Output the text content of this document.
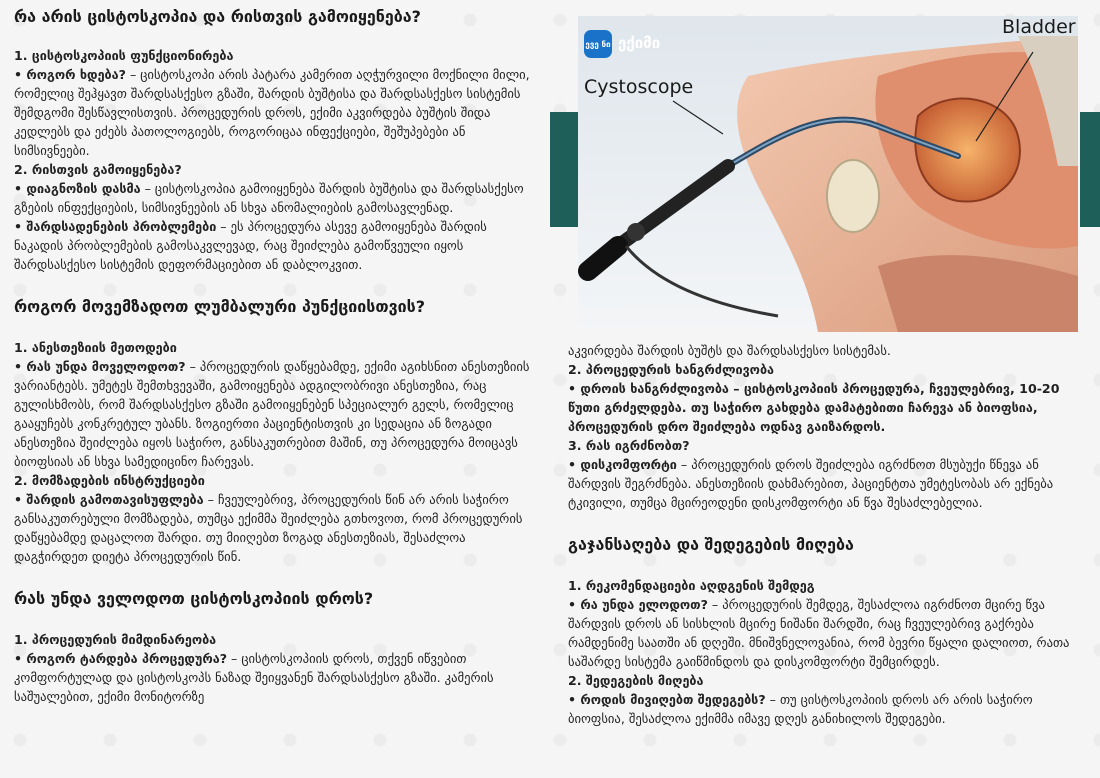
რა არის ცისტოსკოპია და რისთვის გამოიყენება?
1. ცისტოსკოპიის ფუნქციონირება
• როგორ ხდება? – ცისტოსკოპი არის პატარა კამერით აღჭურვილი მოქნილი მილი, რომელიც შეჰყავთ შარდსასქესო გზაში, შარდის ბუშტისა და შარდსასქესო სისტემის შემდგომი შესწავლისთვის. პროცედურის დროს, ექიმი აკვირდება ბუშტის შიდა კედლებს და ეძებს პათოლოგიებს, როგორიცაა ინფექციები, შეშუპებები ან სიმსივნეები.
2. რისთვის გამოიყენება?
• დიაგნოზის დასმა – ცისტოსკოპია გამოიყენება შარდის ბუშტისა და შარდსასქესო გზების ინფექციების, სიმსივნეების ან სხვა ანომალიების გამოსავლენად.
• შარდსადენების პრობლემები – ეს პროცედურა ასევე გამოიყენება შარდის ნაკადის პრობლემების გამოსაკვლევად, რაც შეიძლება გამოწვეული იყოს შარდსასქესო სისტემის დეფორმაციებით ან დაბლოკვით.
როგორ მოვემზადოთ ლუმბალური პუნქციისთვის?
1. ანესთეზიის მეთოდები
• რას უნდა მოველოდოთ? – პროცედურის დაწყებამდე, ექიმი აგიხსნით ანესთეზიის ვარიანტებს. უმეტეს შემთხვევაში, გამოიყენება ადგილობრივი ანესთეზია, რაც გულისხმობს, რომ შარდსასქესო გზაში გამოიყენებენ სპეციალურ გელს, რომელიც გააყუჩებს კონკრეტულ უბანს. ზოგიერთი პაციენტისთვის კი სედაცია ან ზოგადი ანესთეზია შეიძლება იყოს საჭირო, განსაკუთრებით მაშინ, თუ პროცედურა მოიცავს ბიოფსიას ან სხვა სამედიცინო ჩარევას.
2. მომზადების ინსტრუქციები
• შარდის გამოთავისუფლება – ჩვეულებრივ, პროცედურის წინ არ არის საჭირო განსაკუთრებული მომზადება, თუმცა ექიმმა შეიძლება გთხოვოთ, რომ პროცედურის დაწყებამდე დაცალოთ შარდი. თუ მიიღებთ ზოგად ანესთეზიას, შესაძლოა დაგჭირდეთ დიეტა პროცედურის წინ.
რას უნდა ველოდოთ ცისტოსკოპიის დროს?
1. პროცედურის მიმდინარეობა
• როგორ ტარდება პროცედურა? – ცისტოსკოპიის დროს, თქვენ იწვებით კომფორტულად და ცისტოსკოპს ნაზად შეიყვანენ შარდსასქესო გზაში. კამერის საშუალებით, ექიმი მონიტორზე
ევე ნი ექიმი
Bladder
Cystoscope
აკვირდება შარდის ბუშტს და შარდსასქესო სისტემას.
2. პროცედურის ხანგრძლივობა
• დროის ხანგრძლივობა – ცისტოსკოპიის პროცედურა, ჩვეულებრივ, 10-20 წუთი გრძელდება. თუ საჭირო გახდება დამატებითი ჩარევა ან ბიოფსია, პროცედურის დრო შეიძლება ოდნავ გაიზარდოს.
3. რას იგრძნობთ?
• დისკომფორტი – პროცედურის დროს შეიძლება იგრძნოთ მსუბუქი წნევა ან შარდვის შეგრძნება. ანესთეზიის დახმარებით, პაციენტთა უმეტესობას არ ექნება ტკივილი, თუმცა მცირეოდენი დისკომფორტი ან წვა შესაძლებელია.
გაჯანსაღება და შედეგების მიღება
1. რეკომენდაციები აღდგენის შემდეგ
• რა უნდა ელოდოთ? – პროცედურის შემდეგ, შესაძლოა იგრძნოთ მცირე წვა შარდვის დროს ან სისხლის მცირე ნიშანი შარდში, რაც ჩვეულებრივ გაქრება რამდენიმე საათში ან დღეში. მნიშვნელოვანია, რომ ბევრი წყალი დალიოთ, რათა საშარდე სისტემა გაიწმინდოს და დისკომფორტი შემცირდეს.
2. შედეგების მიღება
• როდის მივიღებთ შედეგებს? – თუ ცისტოსკოპიის დროს არ არის საჭირო ბიოფსია, შესაძლოა ექიმმა იმავე დღეს განიხილოს შედეგები.
